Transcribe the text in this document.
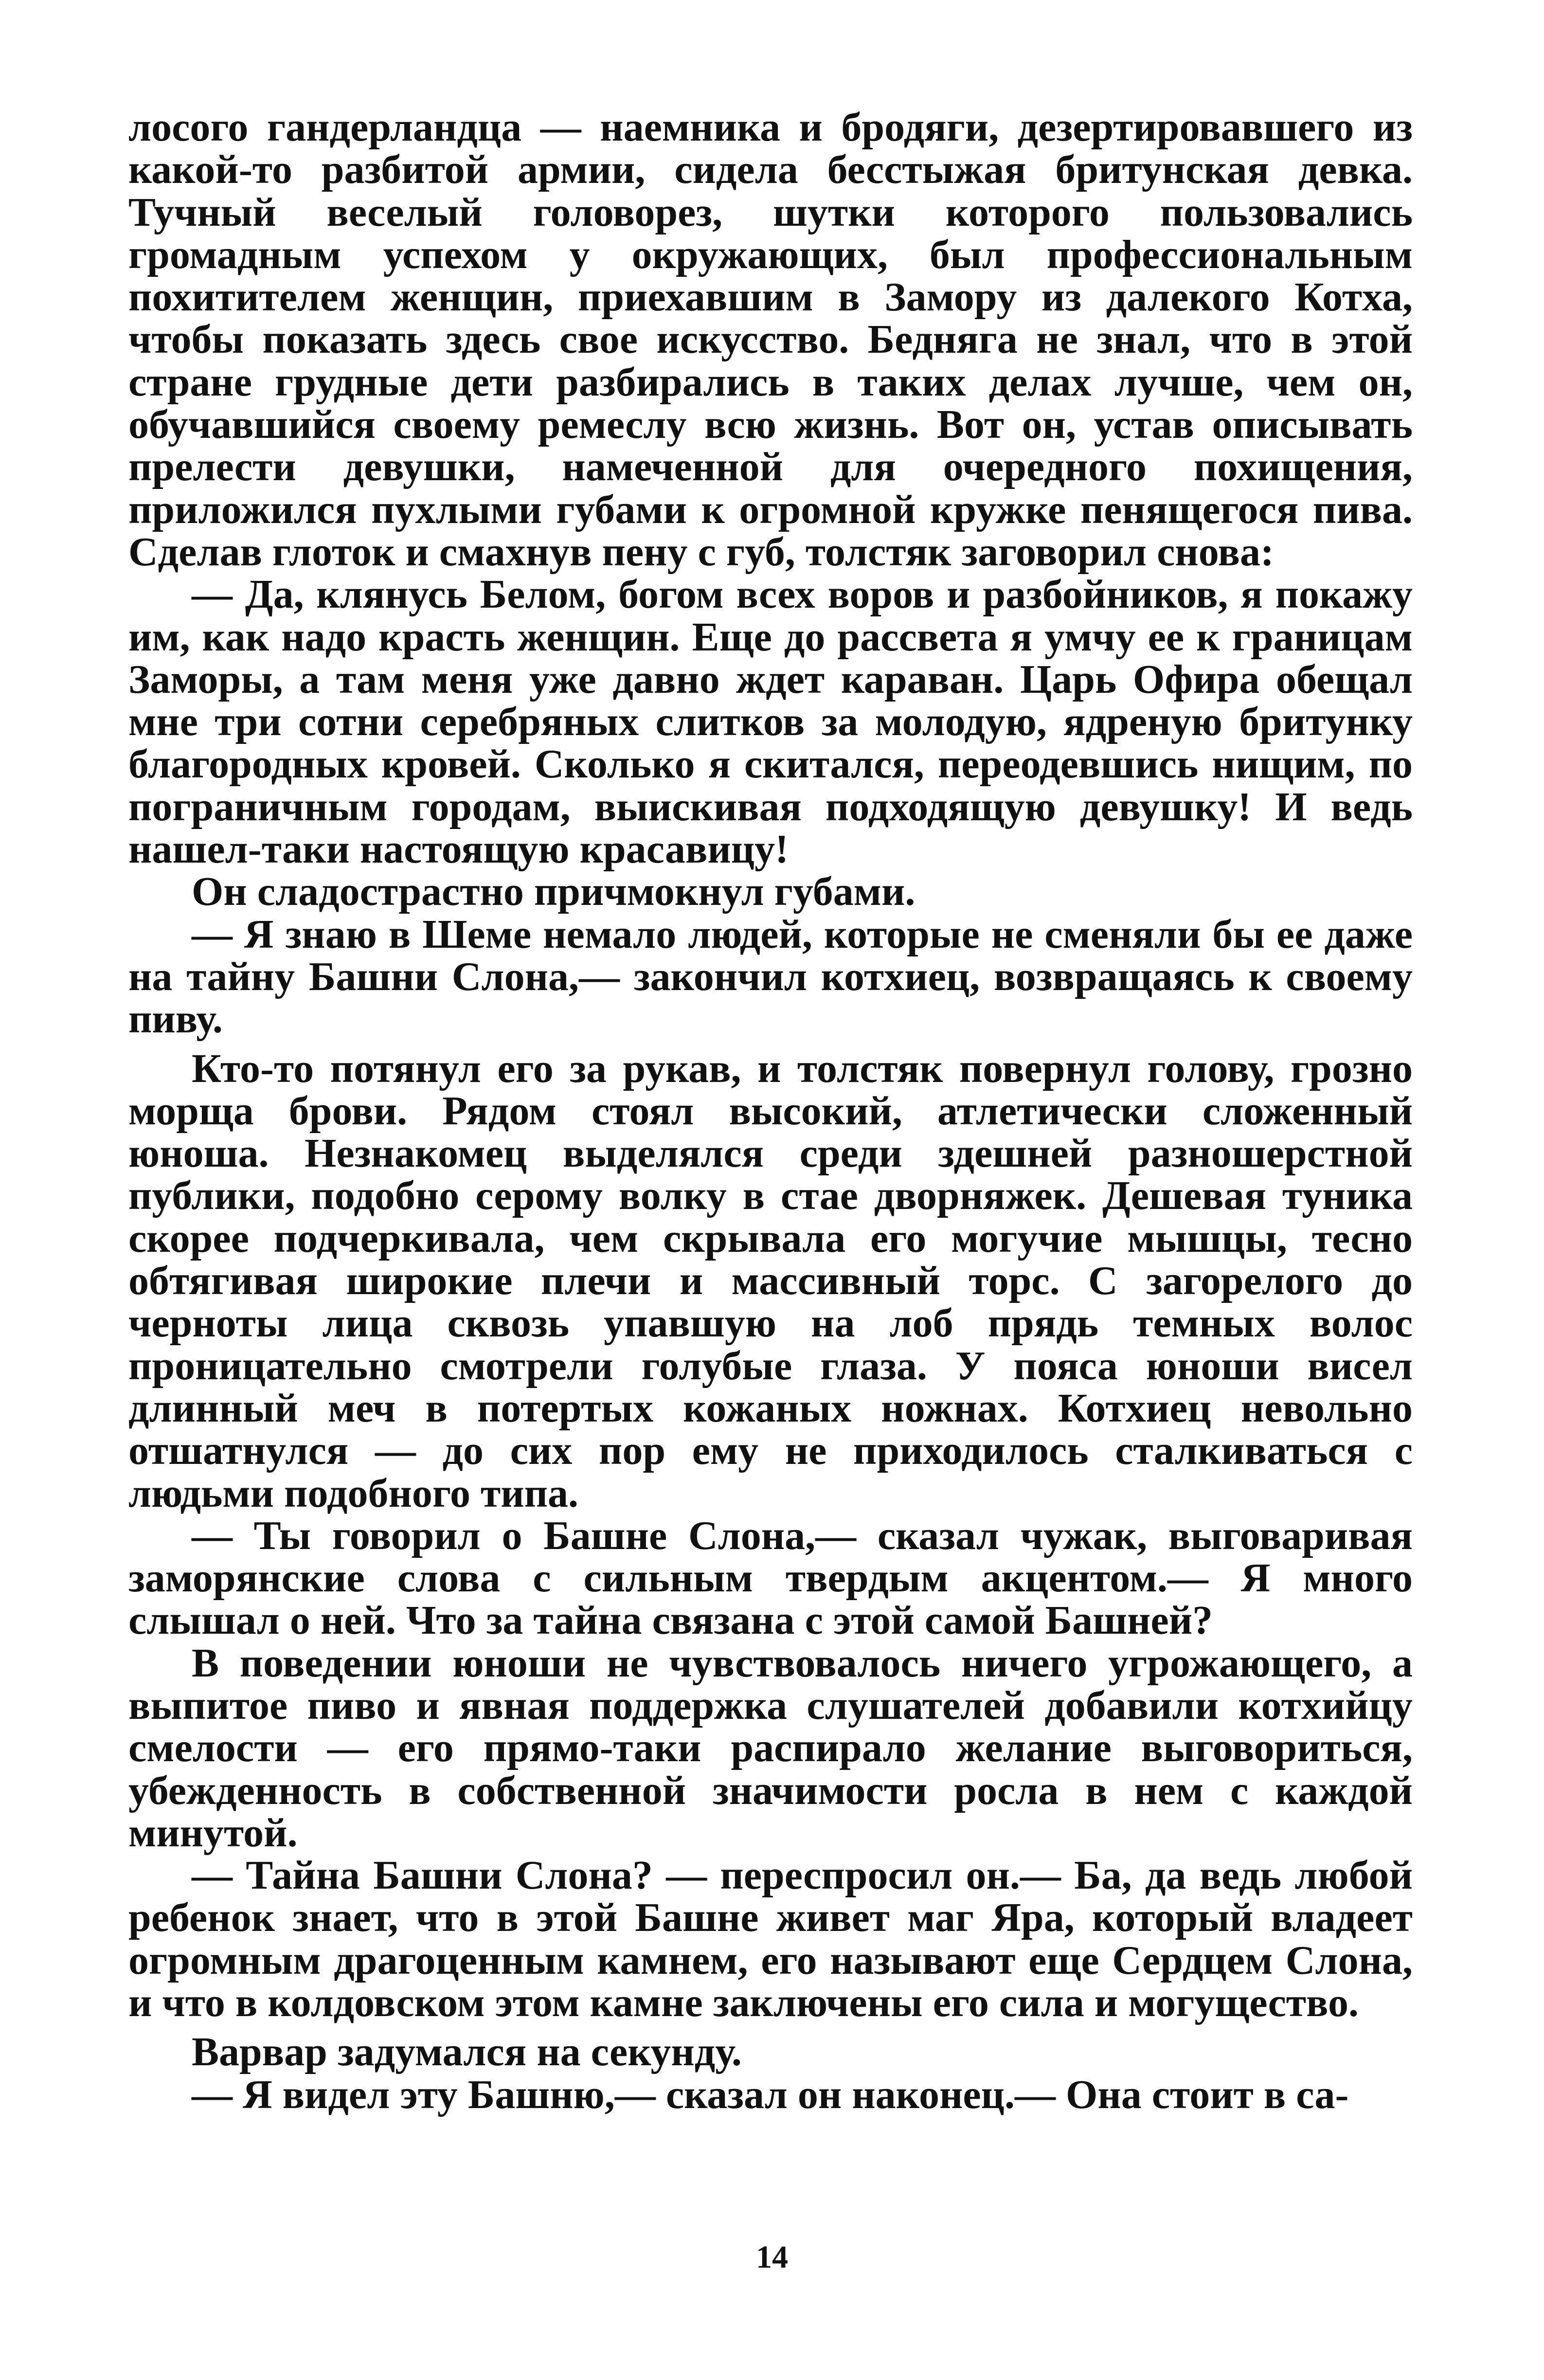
лосого гандерландца — наемника и бродяги, дезертировавшего из какой-то разбитой армии, сидела бесстыжая бритунская девка. Тучный веселый головорез, шутки которого пользовались громадным успехом у окружающих, был профессиональным похитителем женщин, приехавшим в Замору из далекого Котха, чтобы показать здесь свое искусство. Бедняга не знал, что в этой стране грудные дети разбирались в таких делах лучше, чем он, обучавшийся своему ремеслу всю жизнь. Вот он, устав описывать прелести девушки, намеченной для очередного похищения, приложился пухлыми губами к огромной кружке пенящегося пива. Сделав глоток и смахнув пену с губ, толстяк заговорил снова:

— Да, клянусь Белом, богом всех воров и разбойников, я покажу им, как надо красть женщин. Еще до рассвета я умчу ее к границам Заморы, а там меня уже давно ждет караван. Царь Офира обещал мне три сотни серебряных слитков за молодую, ядреную бритунку благородных кровей. Сколько я скитался, переодевшись нищим, по пограничным городам, выискивая подходящую девушку! И ведь нашел-таки настоящую красавицу!

Он сладострастно причмокнул губами.

— Я знаю в Шеме немало людей, которые не сменяли бы ее даже на тайну Башни Слона,— закончил котхиец, возвращаясь к своему пиву.

Кто-то потянул его за рукав, и толстяк повернул голову, грозно морща брови. Рядом стоял высокий, атлетически сложенный юноша. Незнакомец выделялся среди здешней разношерстной публики, подобно серому волку в стае дворняжек. Дешевая туника скорее подчеркивала, чем скрывала его могучие мышцы, тесно обтягивая широкие плечи и массивный торс. С загорелого до черноты лица сквозь упавшую на лоб прядь темных волос проницательно смотрели голубые глаза. У пояса юноши висел длинный меч в потертых кожаных ножнах. Котхиец невольно отшатнулся — до сих пор ему не приходилось сталкиваться с людьми подобного типа.

— Ты говорил о Башне Слона,— сказал чужак, выговаривая заморянские слова с сильным твердым акцентом.— Я много слышал о ней. Что за тайна связана с этой самой Башней?

В поведении юноши не чувствовалось ничего угрожающего, а выпитое пиво и явная поддержка слушателей добавили котхийцу смелости — его прямо-таки распирало желание выговориться, убежденность в собственной значимости росла в нем с каждой минутой.

— Тайна Башни Слона? — переспросил он.— Ба, да ведь любой ребенок знает, что в этой Башне живет маг Яра, который владеет огромным драгоценным камнем, его называют еще Сердцем Слона, и что в колдовском этом камне заключены его сила и могущество.

Варвар задумался на секунду.

— Я видел эту Башню,— сказал он наконец.— Она стоит в са-

14
